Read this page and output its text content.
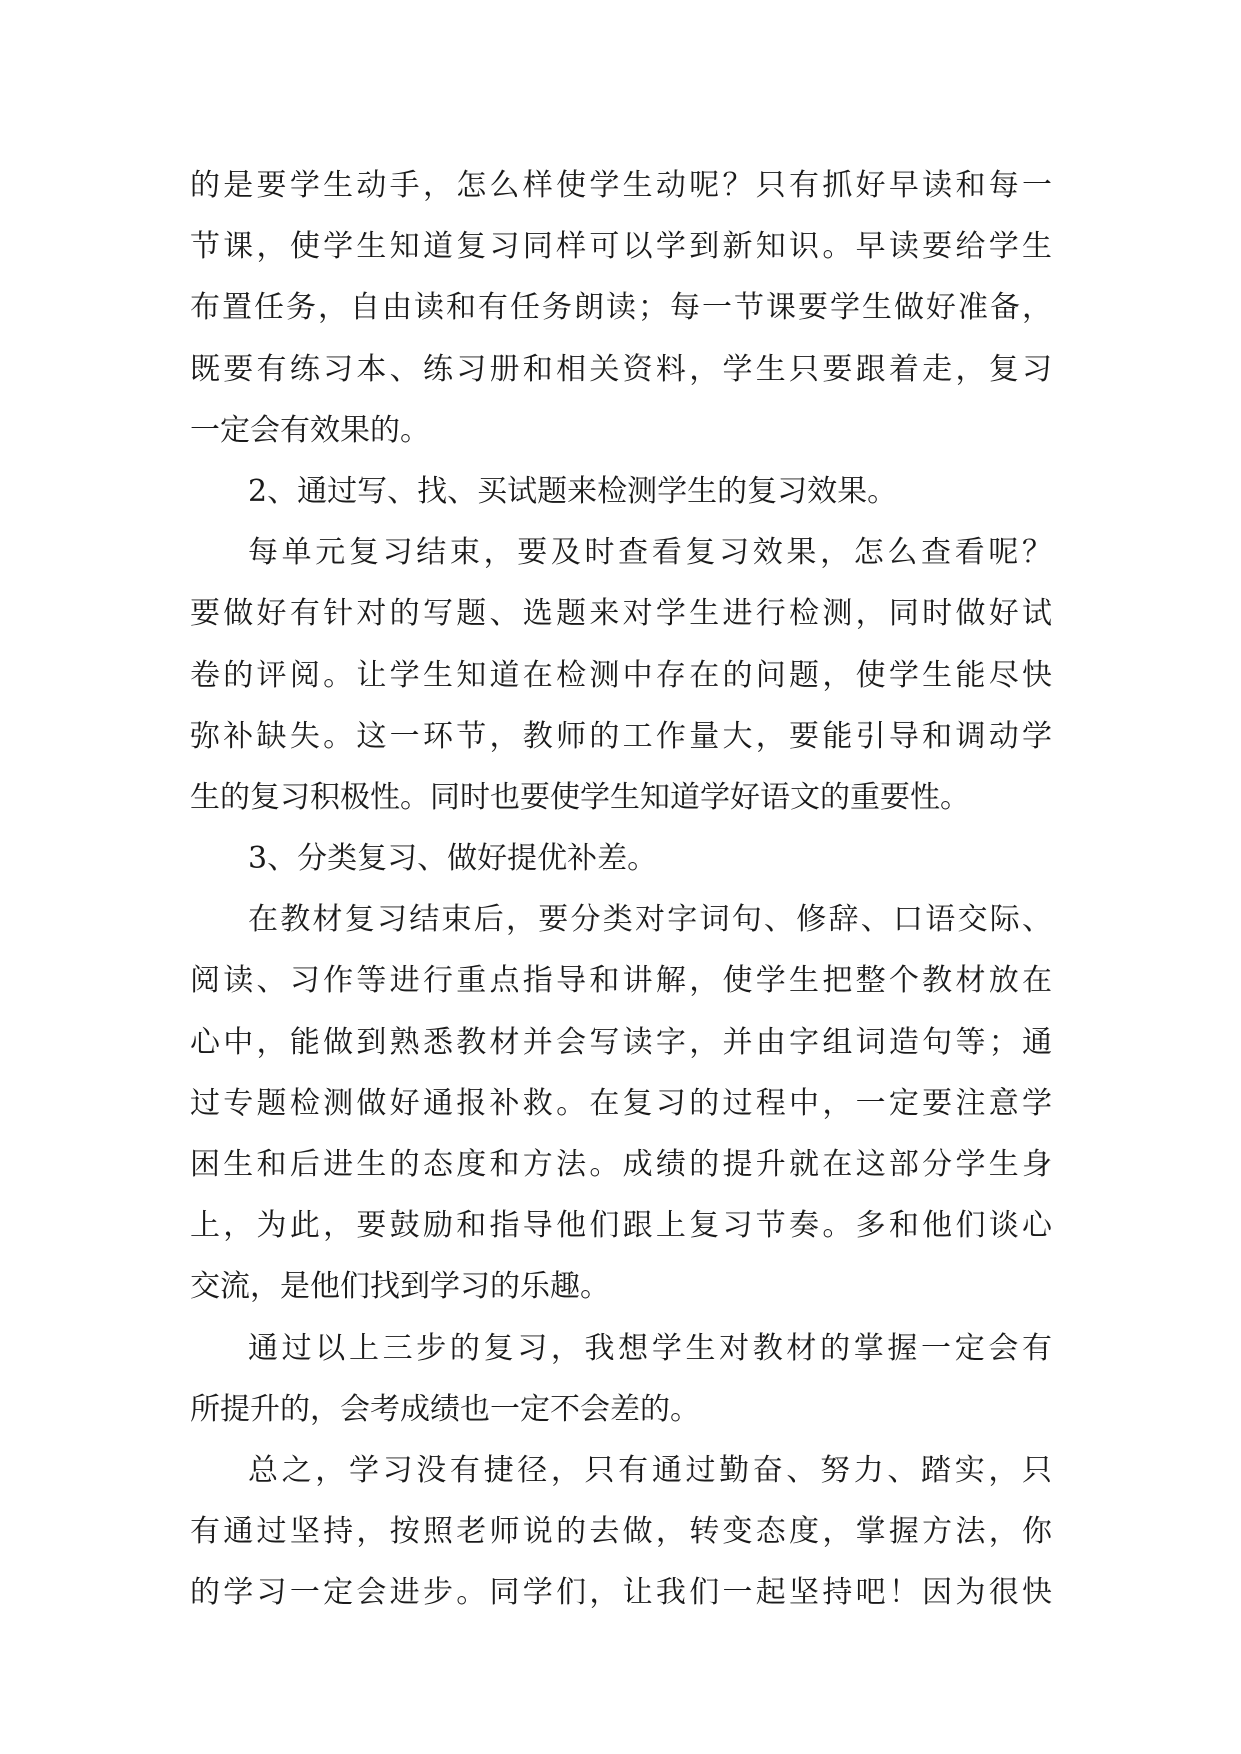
的是要学生动手，怎么样使学生动呢？只有抓好早读和每一
节课，使学生知道复习同样可以学到新知识。早读要给学生
布置任务，自由读和有任务朗读；每一节课要学生做好准备，
既要有练习本、练习册和相关资料，学生只要跟着走，复习
一定会有效果的。
2、通过写、找、买试题来检测学生的复习效果。
每单元复习结束，要及时查看复习效果，怎么查看呢？
要做好有针对的写题、选题来对学生进行检测，同时做好试
卷的评阅。让学生知道在检测中存在的问题，使学生能尽快
弥补缺失。这一环节，教师的工作量大，要能引导和调动学
生的复习积极性。同时也要使学生知道学好语文的重要性。
3、分类复习、做好提优补差。
在教材复习结束后，要分类对字词句、修辞、口语交际、
阅读、习作等进行重点指导和讲解，使学生把整个教材放在
心中，能做到熟悉教材并会写读字，并由字组词造句等；通
过专题检测做好通报补救。在复习的过程中，一定要注意学
困生和后进生的态度和方法。成绩的提升就在这部分学生身
上，为此，要鼓励和指导他们跟上复习节奏。多和他们谈心
交流，是他们找到学习的乐趣。
通过以上三步的复习，我想学生对教材的掌握一定会有
所提升的，会考成绩也一定不会差的。
总之，学习没有捷径，只有通过勤奋、努力、踏实，只
有通过坚持，按照老师说的去做，转变态度，掌握方法，你
的学习一定会进步。同学们，让我们一起坚持吧！因为很快
